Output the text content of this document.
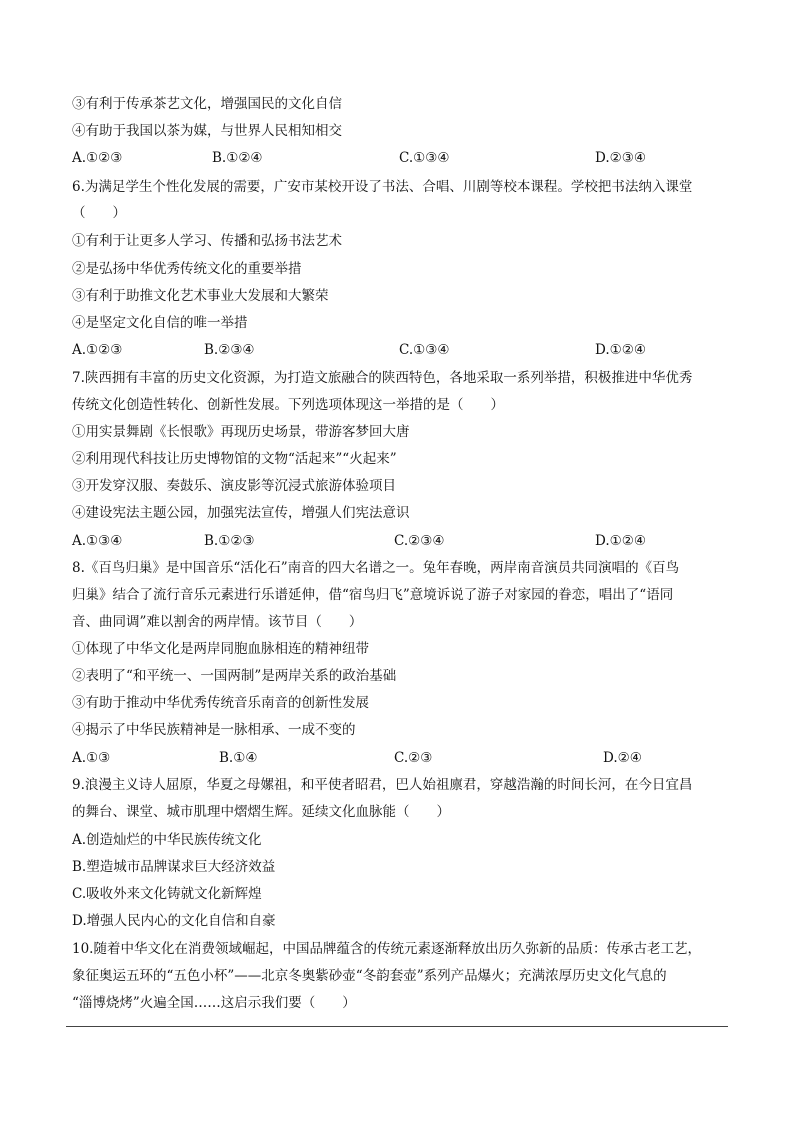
③有利于传承茶艺文化，增强国民的文化自信
④有助于我国以茶为媒，与世界人民相知相交
A.①②③	B.①②④	C.①③④	D.②③④
6.为满足学生个性化发展的需要，广安市某校开设了书法、合唱、川剧等校本课程。学校把书法纳入课堂
（　　）
①有利于让更多人学习、传播和弘扬书法艺术
②是弘扬中华优秀传统文化的重要举措
③有利于助推文化艺术事业大发展和大繁荣
④是坚定文化自信的唯一举措
A.①②③	B.②③④	C.①③④	D.①②④
7.陕西拥有丰富的历史文化资源，为打造文旅融合的陕西特色，各地采取一系列举措，积极推进中华优秀
传统文化创造性转化、创新性发展。下列选项体现这一举措的是（　　）
①用实景舞剧《长恨歌》再现历史场景，带游客梦回大唐
②利用现代科技让历史博物馆的文物“活起来”“火起来”
③开发穿汉服、奏鼓乐、演皮影等沉浸式旅游体验项目
④建设宪法主题公园，加强宪法宣传，增强人们宪法意识
A.①③④	B.①②③	C.②③④	D.①②④
8.《百鸟归巢》是中国音乐“活化石”南音的四大名谱之一。兔年春晚，两岸南音演员共同演唱的《百鸟
归巢》结合了流行音乐元素进行乐谱延伸，借“宿鸟归飞”意境诉说了游子对家园的眷恋，唱出了“语同
音、曲同调”难以割舍的两岸情。该节目（　　）
①体现了中华文化是两岸同胞血脉相连的精神纽带
②表明了“和平统一、一国两制”是两岸关系的政治基础
③有助于推动中华优秀传统音乐南音的创新性发展
④揭示了中华民族精神是一脉相承、一成不变的
A.①③	B.①④	C.②③	D.②④
9.浪漫主义诗人屈原，华夏之母嫘祖，和平使者昭君，巴人始祖廪君，穿越浩瀚的时间长河，在今日宜昌
的舞台、课堂、城市肌理中熠熠生辉。延续文化血脉能（　　）
A.创造灿烂的中华民族传统文化
B.塑造城市品牌谋求巨大经济效益
C.吸收外来文化铸就文化新辉煌
D.增强人民内心的文化自信和自豪
10.随着中华文化在消费领域崛起，中国品牌蕴含的传统元素逐渐释放出历久弥新的品质：传承古老工艺，
象征奥运五环的“五色小杯”——北京冬奥紫砂壶“冬韵套壶”系列产品爆火；充满浓厚历史文化气息的
“淄博烧烤”火遍全国……这启示我们要（　　）
